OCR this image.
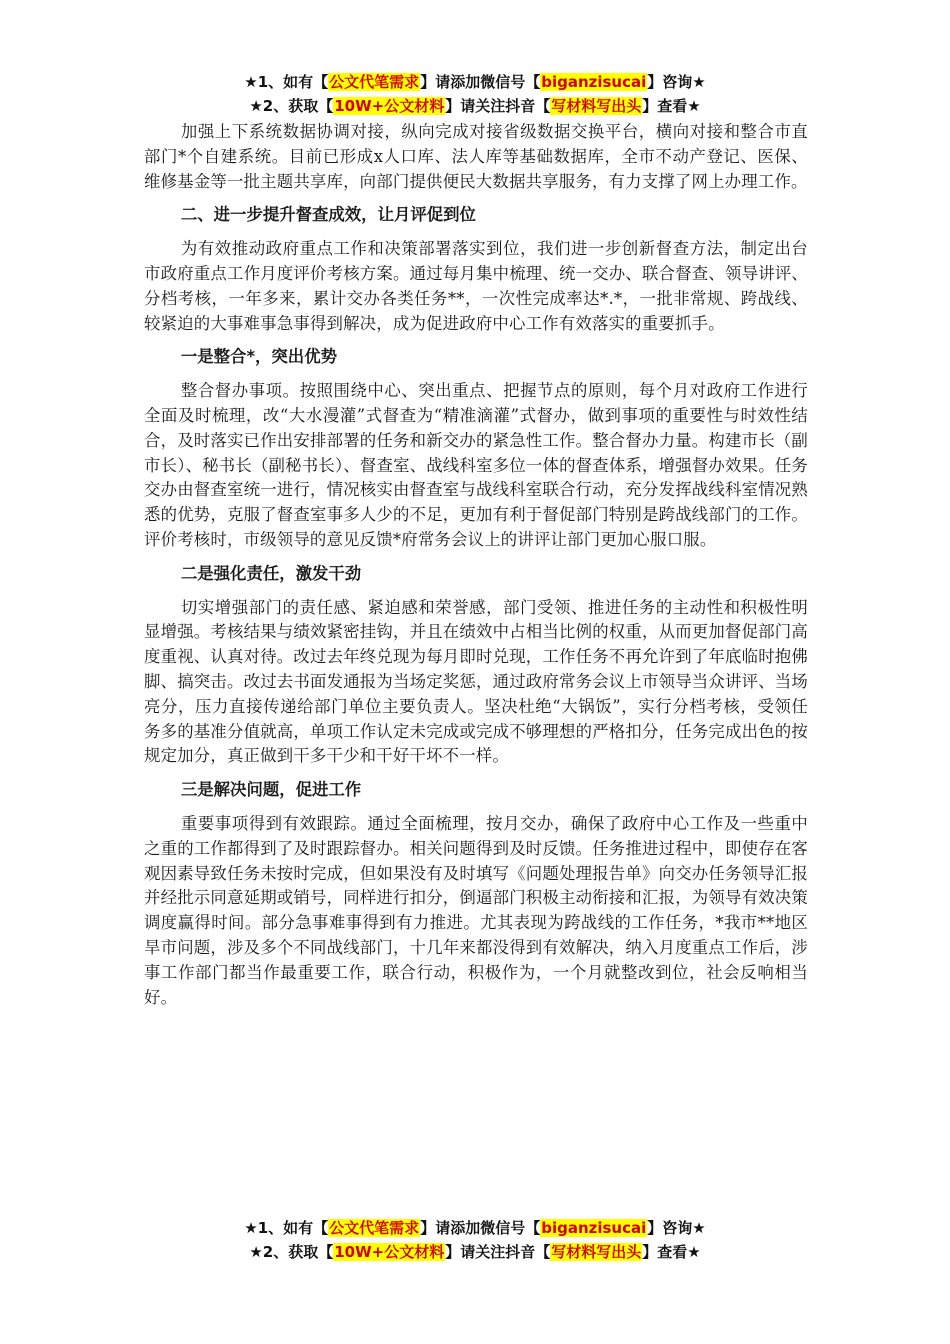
★1、如有【公文代笔需求】请添加微信号【biganzisucai】咨询★
★2、获取【10W+公文材料】请关注抖音【写材料写出头】查看★

加强上下系统数据协调对接，纵向完成对接省级数据交换平台，横向对接和整合市直部门*个自建系统。目前已形成x人口库、法人库等基础数据库，全市不动产登记、医保、维修基金等一批主题共享库，向部门提供便民大数据共享服务，有力支撑了网上办理工作。

二、进一步提升督查成效，让月评促到位

为有效推动政府重点工作和决策部署落实到位，我们进一步创新督查方法，制定出台市政府重点工作月度评价考核方案。通过每月集中梳理、统一交办、联合督查、领导讲评、分档考核，一年多来，累计交办各类任务**，一次性完成率达*.*，一批非常规、跨战线、较紧迫的大事难事急事得到解决，成为促进政府中心工作有效落实的重要抓手。

一是整合*，突出优势

整合督办事项。按照围绕中心、突出重点、把握节点的原则，每个月对政府工作进行全面及时梳理，改“大水漫灌”式督查为“精准滴灌”式督办，做到事项的重要性与时效性结合，及时落实已作出安排部署的任务和新交办的紧急性工作。整合督办力量。构建市长（副市长）、秘书长（副秘书长）、督查室、战线科室多位一体的督查体系，增强督办效果。任务交办由督查室统一进行，情况核实由督查室与战线科室联合行动，充分发挥战线科室情况熟悉的优势，克服了督查室事多人少的不足，更加有利于督促部门特别是跨战线部门的工作。评价考核时，市级领导的意见反馈*府常务会议上的讲评让部门更加心服口服。

二是强化责任，激发干劲

切实增强部门的责任感、紧迫感和荣誉感，部门受领、推进任务的主动性和积极性明显增强。考核结果与绩效紧密挂钩，并且在绩效中占相当比例的权重，从而更加督促部门高度重视、认真对待。改过去年终兑现为每月即时兑现，工作任务不再允许到了年底临时抱佛脚、搞突击。改过去书面发通报为当场定奖惩，通过政府常务会议上市领导当众讲评、当场亮分，压力直接传递给部门单位主要负责人。坚决杜绝“大锅饭”，实行分档考核，受领任务多的基准分值就高，单项工作认定未完成或完成不够理想的严格扣分，任务完成出色的按规定加分，真正做到干多干少和干好干坏不一样。

三是解决问题，促进工作

重要事项得到有效跟踪。通过全面梳理，按月交办，确保了政府中心工作及一些重中之重的工作都得到了及时跟踪督办。相关问题得到及时反馈。任务推进过程中，即使存在客观因素导致任务未按时完成，但如果没有及时填写《问题处理报告单》向交办任务领导汇报并经批示同意延期或销号，同样进行扣分，倒逼部门积极主动衔接和汇报，为领导有效决策调度赢得时间。部分急事难事得到有力推进。尤其表现为跨战线的工作任务，*我市**地区旱市问题，涉及多个不同战线部门，十几年来都没得到有效解决，纳入月度重点工作后，涉事工作部门都当作最重要工作，联合行动，积极作为，一个月就整改到位，社会反响相当好。

★1、如有【公文代笔需求】请添加微信号【biganzisucai】咨询★
★2、获取【10W+公文材料】请关注抖音【写材料写出头】查看★
